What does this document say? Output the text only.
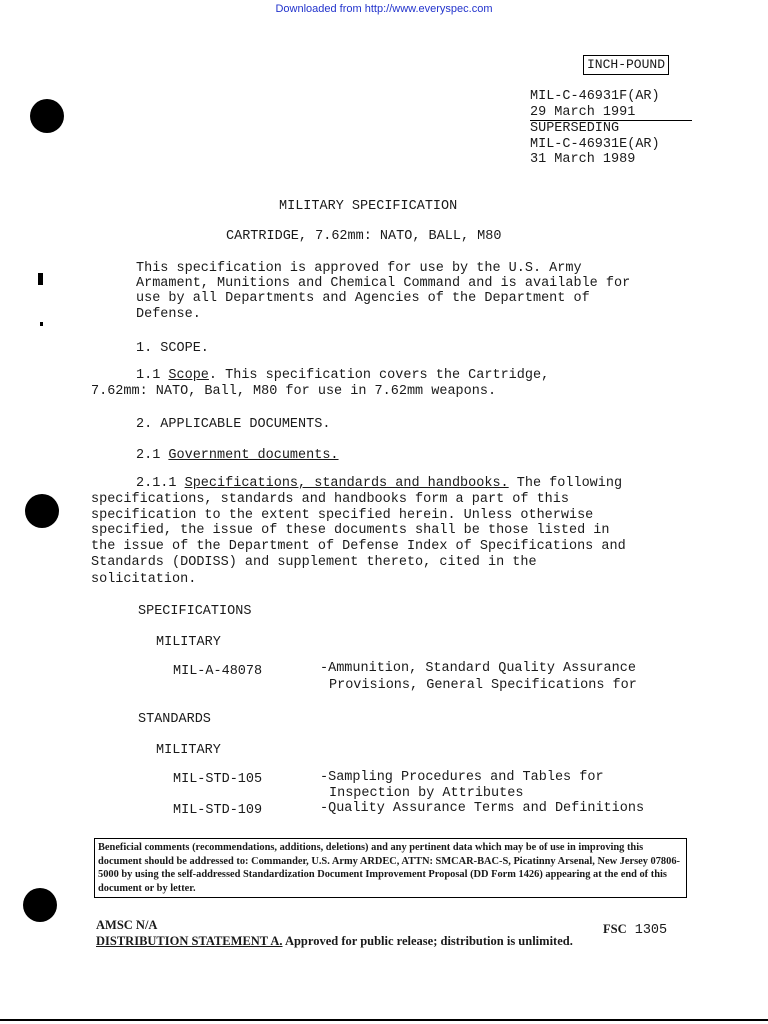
Downloaded from http://www.everyspec.com
INCH-POUND
MIL-C-46931F(AR)
29 March 1991
SUPERSEDING
MIL-C-46931E(AR)
31 March 1989
MILITARY SPECIFICATION
CARTRIDGE, 7.62mm: NATO, BALL, M80
This specification is approved for use by the U.S. Army
Armament, Munitions and Chemical Command and is available for
use by all Departments and Agencies of the Department of
Defense.
1. SCOPE.
1.1 Scope. This specification covers the Cartridge,
7.62mm: NATO, Ball, M80 for use in 7.62mm weapons.
2. APPLICABLE DOCUMENTS.
2.1 Government documents.
2.1.1 Specifications, standards and handbooks. The following
specifications, standards and handbooks form a part of this
specification to the extent specified herein. Unless otherwise
specified, the issue of these documents shall be those listed in
the issue of the Department of Defense Index of Specifications and
Standards (DODISS) and supplement thereto, cited in the
solicitation.
SPECIFICATIONS
MILITARY
MIL-A-48078	-Ammunition, Standard Quality Assurance
Provisions, General Specifications for
STANDARDS
MILITARY
MIL-STD-105	-Sampling Procedures and Tables for
Inspection by Attributes
MIL-STD-109	-Quality Assurance Terms and Definitions
Beneficial comments (recommendations, additions, deletions) and any pertinent data which may be of use in improving this document should be addressed to: Commander, U.S. Army ARDEC, ATTN: SMCAR-BAC-S, Picatinny Arsenal, New Jersey 07806-5000 by using the self-addressed Standardization Document Improvement Proposal (DD Form 1426) appearing at the end of this document or by letter.
AMSC N/A	FSC 1305
DISTRIBUTION STATEMENT A. Approved for public release; distribution is unlimited.
